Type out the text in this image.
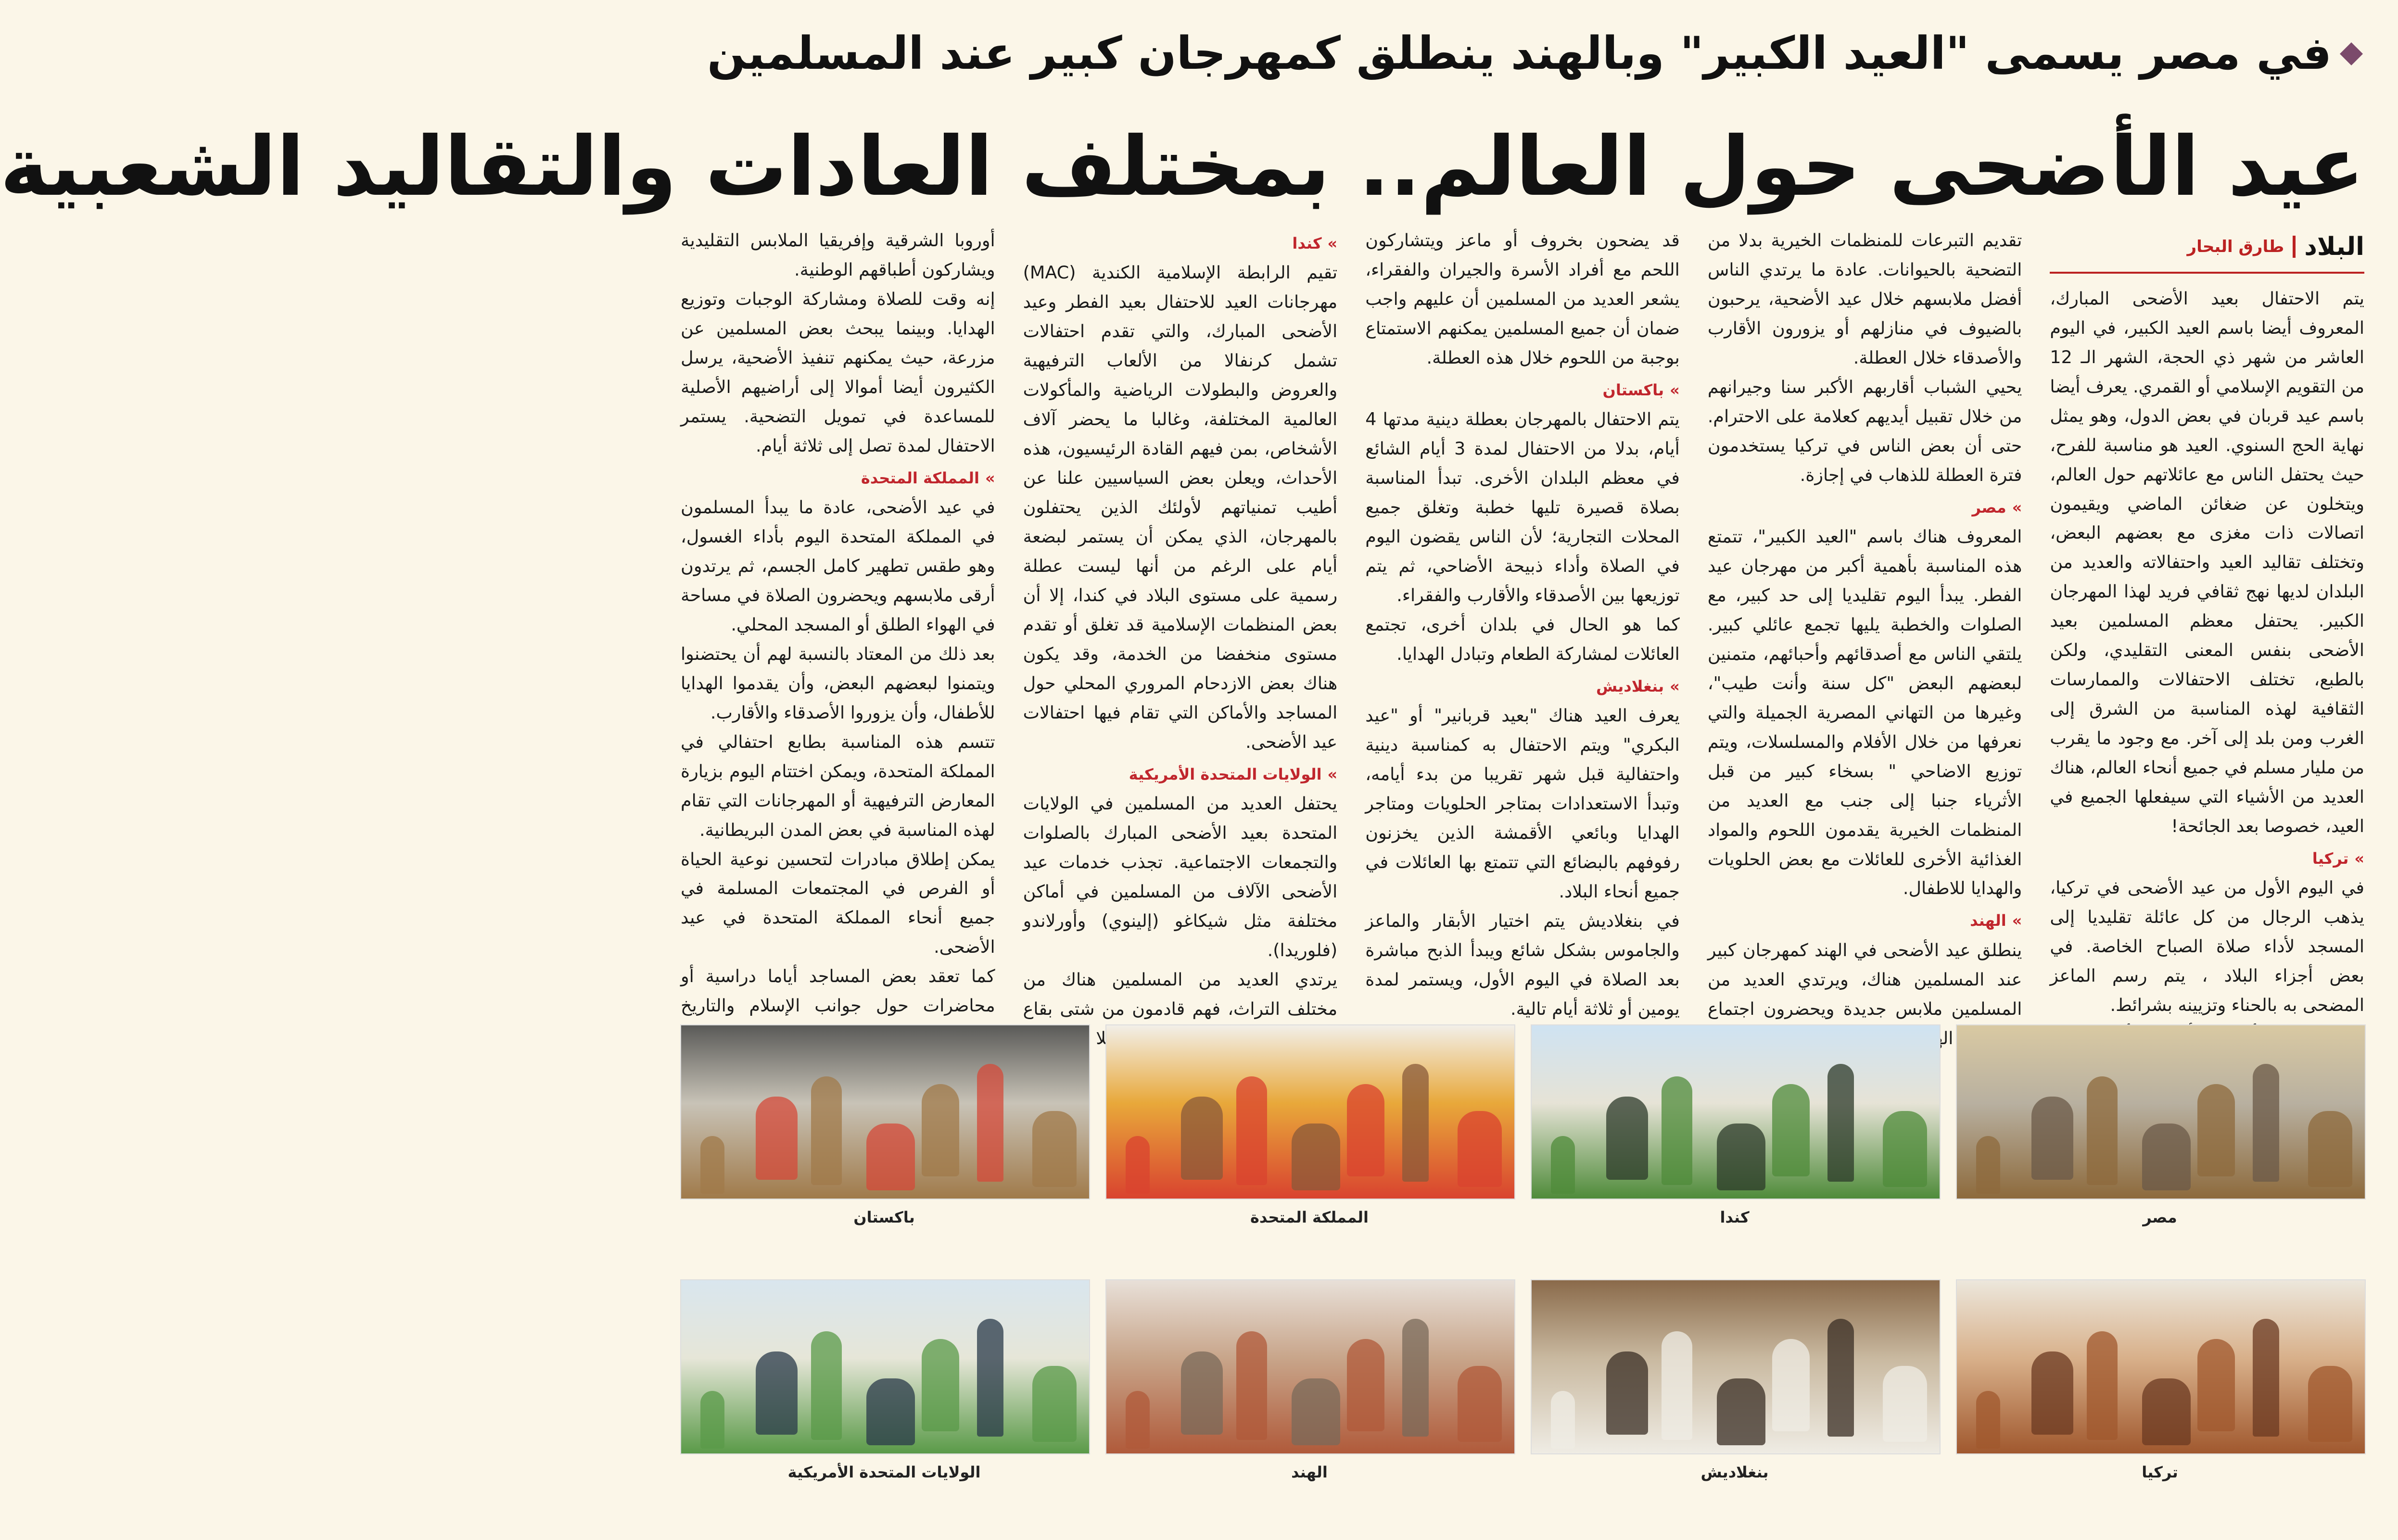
في مصر يسمى "العيد الكبير" وبالهند ينطلق كمهرجان كبير عند المسلمين
عيد الأضحى حول العالم.. بمختلف العادات والتقاليد الشعبية
البلاد
طارق البحار

يتم الاحتفال بعيد الأضحى المبارك، المعروف أيضا باسم العيد الكبير، في اليوم العاشر من شهر ذي الحجة، الشهر الـ 12 من التقويم الإسلامي أو القمري. يعرف أيضا باسم عيد قربان في بعض الدول، وهو يمثل نهاية الحج السنوي. العيد هو مناسبة للفرح، حيث يحتفل الناس مع عائلاتهم حول العالم، ويتخلون عن ضغائن الماضي ويقيمون اتصالات ذات مغزى مع بعضهم البعض، وتختلف تقاليد العيد واحتفالاته والعديد من البلدان لديها نهج ثقافي فريد لهذا المهرجان الكبير. يحتفل معظم المسلمين بعيد الأضحى بنفس المعنى التقليدي، ولكن بالطبع، تختلف الاحتفالات والممارسات الثقافية لهذه المناسبة من الشرق إلى الغرب ومن بلد إلى آخر. مع وجود ما يقرب من مليار مسلم في جميع أنحاء العالم، هناك العديد من الأشياء التي سيفعلها الجميع في العيد، خصوصا بعد الجائحة!

»تركيا

في اليوم الأول من عيد الأضحى في تركيا، يذهب الرجال من كل عائلة تقليديا إلى المسجد لأداء صلاة الصباح الخاصة. في بعض أجزاء البلاد ، يتم رسم الماعز المضحى به بالحناء وتزيينه بشرائط.

تقديم التبرعات للمنظمات الخيرية بدلا من التضحية بالحيوانات. عادة ما يرتدي الناس أفضل ملابسهم خلال عيد الأضحية، يرحبون بالضيوف في منازلهم أو يزورون الأقارب والأصدقاء خلال العطلة.

يحيي الشباب أقاربهم الأكبر سنا وجيرانهم من خلال تقبيل أيديهم كعلامة على الاحترام. حتى أن بعض الناس في تركيا يستخدمون فترة العطلة للذهاب في إجازة.

»مصر

المعروف هناك باسم "العيد الكبير"، تتمتع هذه المناسبة بأهمية أكبر من مهرجان عيد الفطر. يبدأ اليوم تقليديا إلى حد كبير، مع الصلوات والخطبة يليها تجمع عائلي كبير. يلتقي الناس مع أصدقائهم وأحبائهم، متمنين لبعضهم البعض "كل سنة وأنت طيب"، وغيرها من التهاني المصرية الجميلة والتي نعرفها من خلال الأفلام والمسلسلات، ويتم توزيع الاضاحي " بسخاء كبير من قبل الأثرياء جنبا إلى جنب مع العديد من المنظمات الخيرية يقدمون اللحوم والمواد الغذائية الأخرى للعائلات مع بعض الحلويات والهدايا للاطفال.

»الهند

ينطلق عيد الأضحى في الهند كمهرجان كبير عند المسلمين هناك، ويرتدي العديد من المسلمين ملابس جديدة ويحضرون اجتماع

قد يضحون بخروف أو ماعز ويتشاركون اللحم مع أفراد الأسرة والجيران والفقراء، يشعر العديد من المسلمين أن عليهم واجب ضمان أن جميع المسلمين يمكنهم الاستمتاع بوجبة من اللحوم خلال هذه العطلة.

»باكستان

يتم الاحتفال بالمهرجان بعطلة دينية مدتها 4 أيام، بدلا من الاحتفال لمدة 3 أيام الشائع في معظم البلدان الأخرى. تبدأ المناسبة بصلاة قصيرة تليها خطبة وتغلق جميع المحلات التجارية؛ لأن الناس يقضون اليوم في الصلاة وأداء ذبيحة الأضاحي، ثم يتم توزيعها بين الأصدقاء والأقارب والفقراء.

كما هو الحال في بلدان أخرى، تجتمع العائلات لمشاركة الطعام وتبادل الهدايا.

»بنغلاديش

يعرف العيد هناك "بعيد قربانير" أو "عيد البكري" ويتم الاحتفال به كمناسبة دينية واحتفالية قبل شهر تقريبا من بدء أيامه، وتبدأ الاستعدادات بمتاجر الحلويات ومتاجر الهدايا وبائعي الأقمشة الذين يخزنون رفوفهم بالبضائع التي تتمتع بها العائلات في جميع أنحاء البلاد.

في بنغلاديش يتم اختيار الأبقار والماعز والجاموس بشكل شائع ويبدأ الذبح مباشرة بعد الصلاة في اليوم الأول، ويستمر لمدة يومين أو ثلاثة أيام تالية.

»كندا

تقيم الرابطة الإسلامية الكندية (MAC) مهرجانات العيد للاحتفال بعيد الفطر وعيد الأضحى المبارك، والتي تقدم احتفالات تشمل كرنفالا من الألعاب الترفيهية والعروض والبطولات الرياضية والمأكولات العالمية المختلفة، وغالبا ما يحضر آلاف الأشخاص، بمن فيهم القادة الرئيسيون، هذه الأحداث، ويعلن بعض السياسيين علنا عن أطيب تمنياتهم لأولئك الذين يحتفلون بالمهرجان، الذي يمكن أن يستمر لبضعة أيام على الرغم من أنها ليست عطلة رسمية على مستوى البلاد في كندا، إلا أن بعض المنظمات الإسلامية قد تغلق أو تقدم مستوى منخفضا من الخدمة، وقد يكون هناك بعض الازدحام المروري المحلي حول المساجد والأماكن التي تقام فيها احتفالات عيد الأضحى.

»الولايات المتحدة الأمريكية

يحتفل العديد من المسلمين في الولايات المتحدة بعيد الأضحى المبارك بالصلوات والتجمعات الاجتماعية. تجذب خدمات عيد الأضحى الآلاف من المسلمين في أماكن مختلفة مثل شيكاغو (إلينوي) وأورلاندو (فلوريدا).

يرتدي العديد من المسلمين هناك من مختلف التراث، فهم قادمون من شتى بقاع

أوروبا الشرقية وإفريقيا الملابس التقليدية ويشاركون أطباقهم الوطنية.

إنه وقت للصلاة ومشاركة الوجبات وتوزيع الهدايا. وبينما يبحث بعض المسلمين عن مزرعة، حيث يمكنهم تنفيذ الأضحية، يرسل الكثيرون أيضا أموالا إلى أراضيهم الأصلية للمساعدة في تمويل التضحية. يستمر الاحتفال لمدة تصل إلى ثلاثة أيام.

»المملكة المتحدة

في عيد الأضحى، عادة ما يبدأ المسلمون في المملكة المتحدة اليوم بأداء الغسول، وهو طقس تطهير كامل الجسم، ثم يرتدون أرقى ملابسهم ويحضرون الصلاة في مساحة في الهواء الطلق أو المسجد المحلي.

بعد ذلك من المعتاد بالنسبة لهم أن يحتضنوا ويتمنوا لبعضهم البعض، وأن يقدموا الهدايا للأطفال، وأن يزوروا الأصدقاء والأقارب.

تتسم هذه المناسبة بطابع احتفالي في المملكة المتحدة، ويمكن اختتام اليوم بزيارة المعارض الترفيهية أو المهرجانات التي تقام لهذه المناسبة في بعض المدن البريطانية.

يمكن إطلاق مبادرات لتحسين نوعية الحياة أو الفرص في المجتمعات المسلمة في جميع أنحاء المملكة المتحدة في عيد الأضحى.

كما تعقد بعض المساجد أياما دراسية أو محاضرات حول جوانب الإسلام والتاريخ

مصر
كندا
المملكة المتحدة
باكستان
تركيا
بنغلاديش
الهند
الولايات المتحدة الأمريكية
